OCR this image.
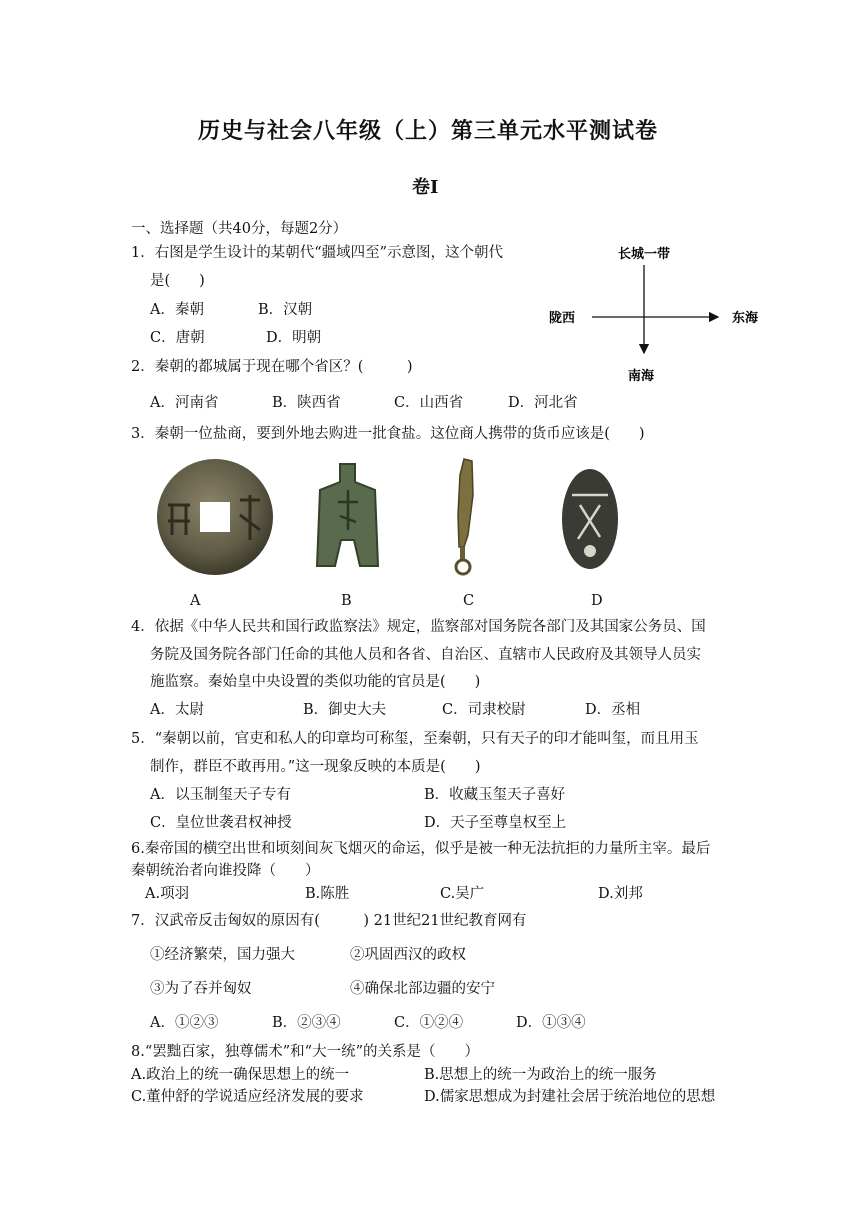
历史与社会八年级（上）第三单元水平测试卷
卷Ⅰ
一、选择题（共40分，每题2分）
1．右图是学生设计的某朝代“疆域四至”示意图，这个朝代
是(　　)
A．秦朝	B．汉朝
C．唐朝	D．明朝
长城一带
陇西	东海
南海
2．秦朝的都城属于现在哪个省区？(　　　)
A．河南省	B．陕西省	C．山西省	D．河北省
3．秦朝一位盐商，要到外地去购进一批食盐。这位商人携带的货币应该是(　　)
A	B	C	D
4．依据《中华人民共和国行政监察法》规定，监察部对国务院各部门及其国家公务员、国
务院及国务院各部门任命的其他人员和各省、自治区、直辖市人民政府及其领导人员实
施监察。秦始皇中央设置的类似功能的官员是(　　)
A．太尉	B．御史大夫	C．司隶校尉	D．丞相
5．“秦朝以前，官吏和私人的印章均可称玺，至秦朝，只有天子的印才能叫玺，而且用玉
制作，群臣不敢再用。”这一现象反映的本质是(　　)
A．以玉制玺天子专有	B．收藏玉玺天子喜好
C．皇位世袭君权神授	D．天子至尊皇权至上
6.秦帝国的横空出世和顷刻间灰飞烟灭的命运，似乎是被一种无法抗拒的力量所主宰。最后
秦朝统治者向谁投降（　　）
A.项羽	B.陈胜	C.吴广	D.刘邦
7．汉武帝反击匈奴的原因有(　　　) 21世纪21世纪教育网有
①经济繁荣，国力强大	②巩固西汉的政权
③为了吞并匈奴	④确保北部边疆的安宁
A．①②③	B．②③④	C．①②④	D．①③④
8.“罢黜百家，独尊儒术”和“大一统”的关系是（　　）
A.政治上的统一确保思想上的统一	B.思想上的统一为政治上的统一服务
C.董仲舒的学说适应经济发展的要求	D.儒家思想成为封建社会居于统治地位的思想
